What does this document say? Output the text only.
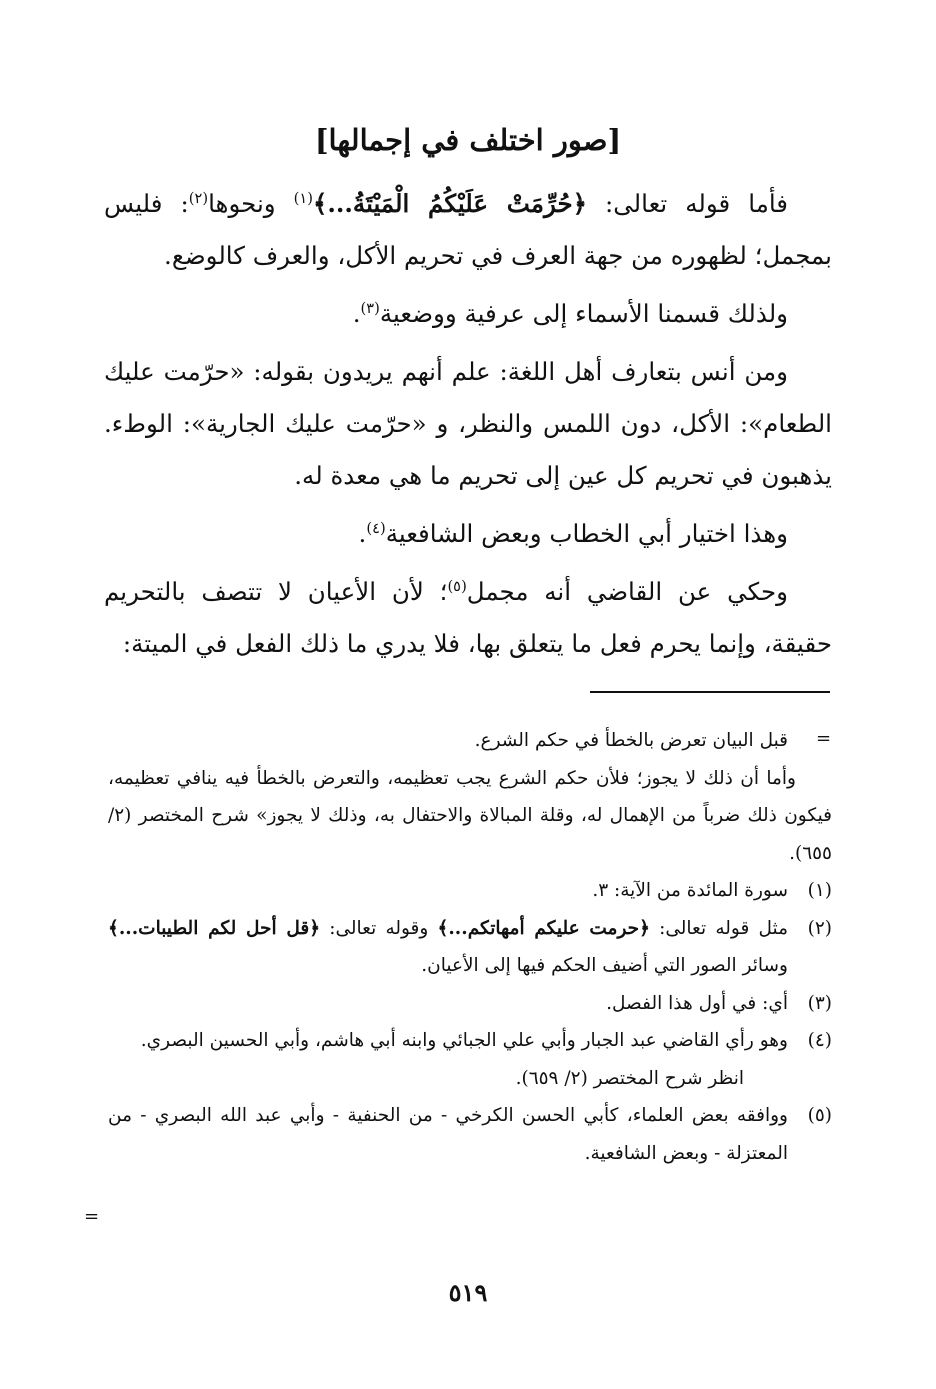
[صور اختلف في إجمالها]

فأما قوله تعالى: ﴿حُرِّمَتْ عَلَيْكُمُ الْمَيْتَةُ...﴾$^{(١)}$ ونحوها$^{(٢)}$: فليس بمجمل؛ لظهوره من جهة العرف في تحريم الأكل، والعرف كالوضع.

ولذلك قسمنا الأسماء إلى عرفية ووضعية$^{(٣)}$.

ومن أنس بتعارف أهل اللغة: علم أنهم يريدون بقوله: «حرّمت عليك الطعام»: الأكل، دون اللمس والنظر، و «حرّمت عليك الجارية»: الوطء. يذهبون في تحريم كل عين إلى تحريم ما هي معدة له.

وهذا اختيار أبي الخطاب وبعض الشافعية$^{(٤)}$.

وحكي عن القاضي أنه مجمل$^{(٥)}$؛ لأن الأعيان لا تتصف بالتحريم حقيقة، وإنما يحرم فعل ما يتعلق بها، فلا يدري ما ذلك الفعل في الميتة:

=

قبل البيان تعرض بالخطأ في حكم الشرع.

وأما أن ذلك لا يجوز؛ فلأن حكم الشرع يجب تعظيمه، والتعرض بالخطأ فيه ينافي تعظيمه، فيكون ذلك ضرباً من الإهمال له، وقلة المبالاة والاحتفال به، وذلك لا يجوز» شرح المختصر (٢/ ٦٥٥).

(١)
سورة المائدة من الآية: ٣.
(٢)
مثل قوله تعالى: ﴿حرمت عليكم أمهاتكم...﴾ وقوله تعالى: ﴿قل أحل لكم الطيبات...﴾ وسائر الصور التي أضيف الحكم فيها إلى الأعيان.
(٣)
أي: في أول هذا الفصل.
(٤)
وهو رأي القاضي عبد الجبار وأبي علي الجبائي وابنه أبي هاشم، وأبي الحسين البصري.

انظر شرح المختصر (٢/ ٦٥٩).

(٥)
ووافقه بعض العلماء، كأبي الحسن الكرخي - من الحنفية - وأبي عبد الله البصري - من المعتزلة - وبعض الشافعية.
=
٥١٩
